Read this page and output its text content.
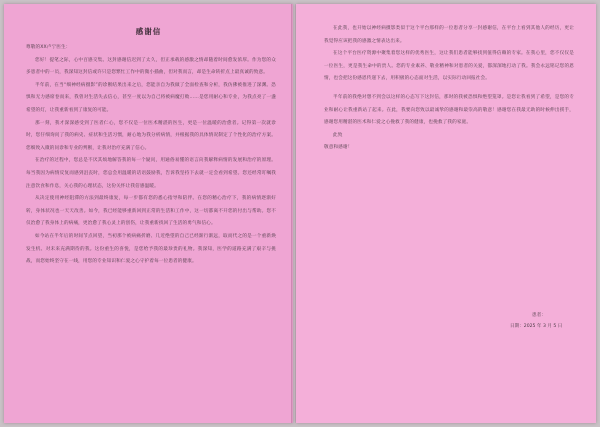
感谢信

尊敬的XX卢宁医生：

您好！提笔之际，心中百感交集。这封感谢信迟到了太久，但正承载的感激之情却随着时间愈发浓厚。作为您的众多患者中的一员，我深知这封信或许只是您繁忙工作中的微小插曲，但对我而言，却是生命转折点上最真诚的致意。

半年前，在当“细神经病摄影”的诊断结果出来之后，您能亲自为我做了全面检查和分析，我仿佛被推进了深渊。恐惧和无力感席卷而来，我曾对生活失去信心，甚至一度以为自己将被病魔打败……是您用耐心和专业，为我点亮了一盏希望的灯，让我重新看到了康复的可能。

那一刻，我才深深感受到了医者仁心，您不仅是一位医术精湛的医生，更是一位温暖的治愈者。记得第一次就诊时，您仔细询问了我的病史、症状和生活习惯，耐心地为我分析病情，并根据我的具体情况制定了个性化的治疗方案。您细致入微的问诊和专业的判断，让我对治疗充满了信心。

在治疗的过程中，您总是不厌其烦地解答我的每一个疑问，用通俗易懂的语言向我解释病情的发展和治疗的原理。每当我因为病情反复而感到沮丧时，您总会用温暖的话语鼓励我，告诉我坚持下去就一定会看到希望。您还经常叮嘱我注意饮食和作息，关心我的心理状态，这份关怀让我倍感温暖。

从决定使用神经阻滞的方法到最终康复，每一步都有您的悉心指导和陪伴。在您的精心治疗下，我的病情逐渐好转，身体状况也一天天改善。如今，我已经能够重新回到正常的生活和工作中，这一切都离不开您的付出与帮助。您不仅治愈了我身体上的病痛，更治愈了我心灵上的创伤，让我重新找回了生活的勇气和信心。

如今站在半年后的时间节点回望，当初那个被病痛折磨、几近绝望的自己已经渐行渐远，取而代之的是一个重新焕发生机、对未来充满期待的我。这份重生的喜悦，是您给予我的最珍贵的礼物。我深知，医学的道路充满了艰辛与挑战，而您始终坚守在一线，用您的专业知识和仁爱之心守护着每一位患者的健康。

在此我，也开始以神经病摄影类似于这个平台那样的一位患者分享一封感谢信，在平台上看到其他人的经历，更让我觉得应该把我的感激之情表达出来。

在这个平台医疗资源中聚集着您这样的优秀医生，这让我们患者能够找到值得信赖的专家。在我心里，您不仅仅是一位医生，更是我生命中的贵人。您的专业素养、敬业精神和对患者的关爱，都深深地打动了我。我会永远铭记您的恩情，也会把这份感恩传递下去，用积极的心态面对生活，以实际行动回报社会。

半年前的我绝对想不到会以这样的心态写下这封信，那时的我被恐惧和绝望笼罩。是您让我看到了希望，是您的专业和耐心让我重新站了起来。在此，我要向您致以最诚挚的感谢和最崇高的敬意！感谢您在我最无助的时候伸出援手，感谢您用精湛的医术和仁爱之心挽救了我的健康，也挽救了我的家庭。

此致

敬意和感谢！

患者：
日期：2025 年 3 月 5 日
